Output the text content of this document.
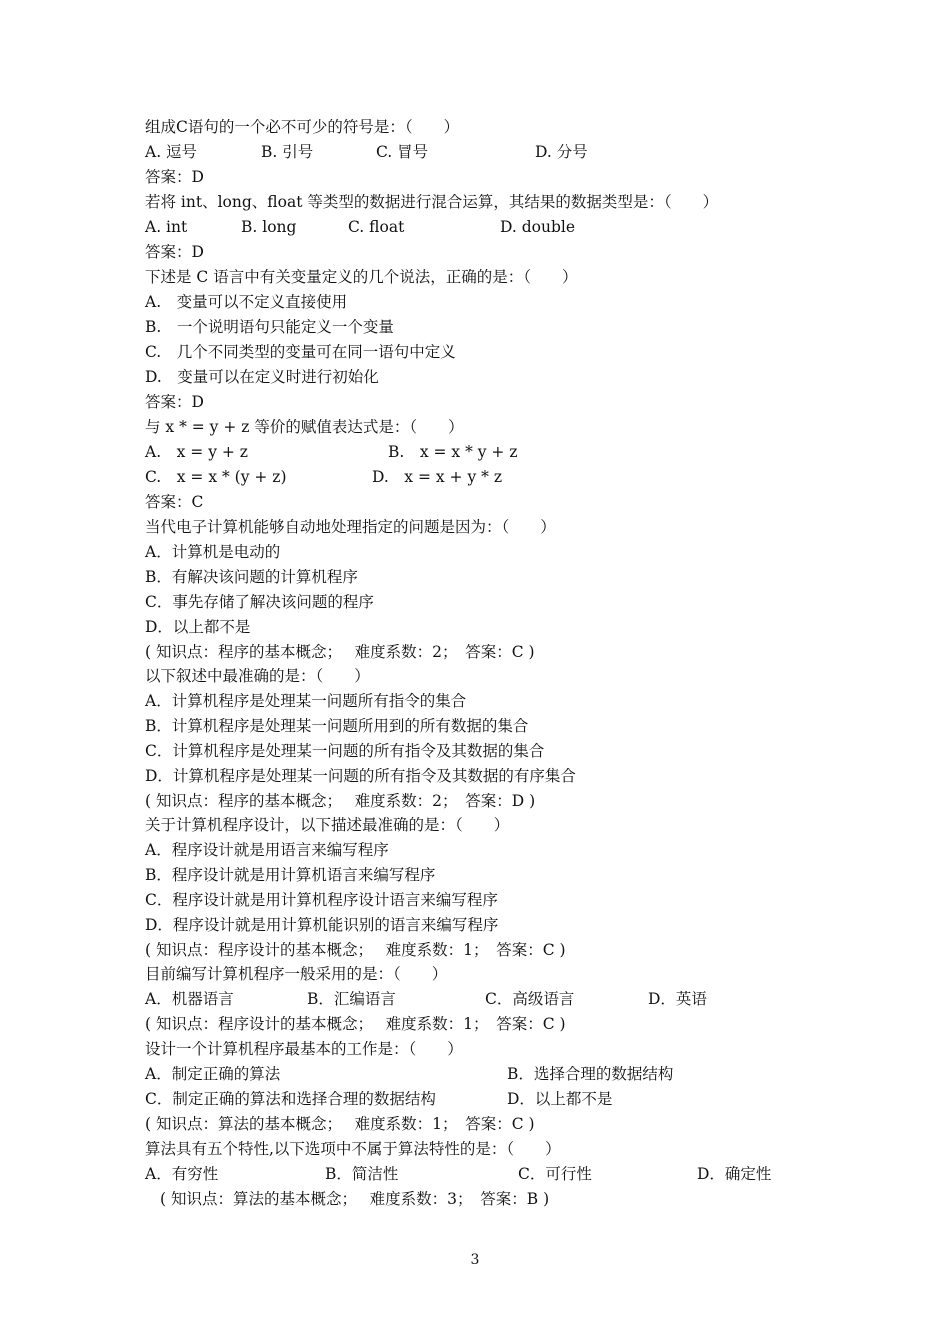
组成C语句的一个必不可少的符号是：（　　）

A. 逗号

	B. 引号

	C. 冒号

	D. 分号

答案：D
若将 int、long、float 等类型的数据进行混合运算，其结果的数据类型是：（　　）

A. int

	B. long

	C. float

	D. double

答案：D
下述是 C 语言中有关变量定义的几个说法，正确的是：（　　）
A.　变量可以不定义直接使用
B.　一个说明语句只能定义一个变量
C.　几个不同类型的变量可在同一语句中定义
D.　变量可以在定义时进行初始化
答案：D
与 x * = y + z 等价的赋值表达式是：（　　）

A.　x = y + z

	B.　x = x * y + z

C.　x = x * (y + z)

	D.　x = x + y * z

答案：C
当代电子计算机能够自动地处理指定的问题是因为：（　　）
A．计算机是电动的
B．有解决该问题的计算机程序
C．事先存储了解决该问题的程序
D．以上都不是
( 知识点：程序的基本概念；　 难度系数：2；　答案：C )
以下叙述中最准确的是：（　　）
A．计算机程序是处理某一问题所有指令的集合
B．计算机程序是处理某一问题所用到的所有数据的集合
C．计算机程序是处理某一问题的所有指令及其数据的集合
D．计算机程序是处理某一问题的所有指令及其数据的有序集合
( 知识点：程序的基本概念；　 难度系数：2；　答案：D )
关于计算机程序设计，以下描述最准确的是：（　　）
A．程序设计就是用语言来编写程序
B．程序设计就是用计算机语言来编写程序
C．程序设计就是用计算机程序设计语言来编写程序
D．程序设计就是用计算机能识别的语言来编写程序
( 知识点：程序设计的基本概念；　 难度系数：1；　答案：C )
目前编写计算机程序一般采用的是：（　　）

A．机器语言

	B．汇编语言

	C．高级语言

	D．英语

( 知识点：程序设计的基本概念；　 难度系数：1；　答案：C )
设计一个计算机程序最基本的工作是：（　　）

A．制定正确的算法

	B．选择合理的数据结构

C．制定正确的算法和选择合理的数据结构

	D．以上都不是

( 知识点：算法的基本概念；　 难度系数：1；　答案：C )
算法具有五个特性,以下选项中不属于算法特性的是：（　　）

A．有穷性

	B．简洁性

	C．可行性

	D．确定性

( 知识点：算法的基本概念；　 难度系数：3；　答案：B )
3
